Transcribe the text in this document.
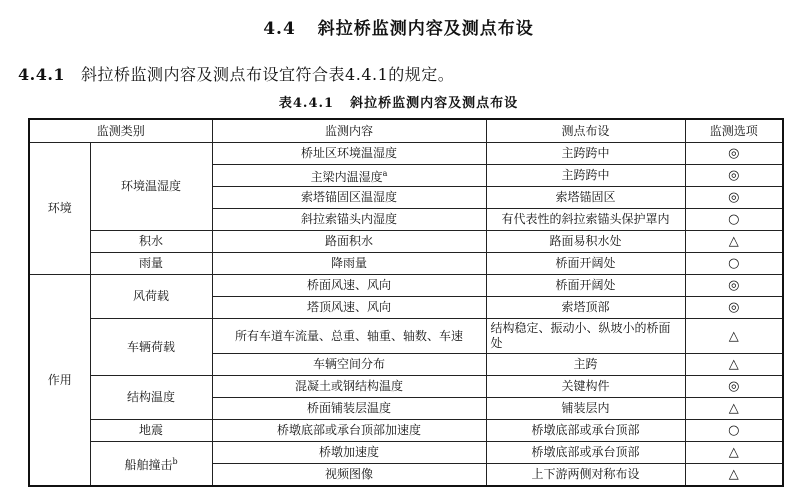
4.4 斜拉桥监测内容及测点布设
4.4.1 斜拉桥监测内容及测点布设宜符合表4.4.1的规定。
表4.4.1 斜拉桥监测内容及测点布设
监测类别		监测内容	测点布设	监测选项
环境	环境温湿度	桥址区环境温湿度	主跨跨中	◎
		主梁内温湿度$^a$	主跨跨中	◎
		索塔锚固区温湿度	索塔锚固区	◎
		斜拉索锚头内湿度	有代表性的斜拉索锚头保护罩内	○
	积水	路面积水	路面易积水处	△
	雨量	降雨量	桥面开阔处	○
作用	风荷载	桥面风速、风向	桥面开阔处	◎
		塔顶风速、风向	索塔顶部	◎
	车辆荷载	所有车道车流量、总重、轴重、轴数、车速	结构稳定、振动小、纵坡小的桥面处	△
		车辆空间分布	主跨	△
	结构温度	混凝土或钢结构温度	关键构件	◎
		桥面铺装层温度	铺装层内	△
	地震	桥墩底部或承台顶部加速度	桥墩底部或承台顶部	○
	船舶撞击$^b$	桥墩加速度	桥墩底部或承台顶部	△
		视频图像	上下游两侧对称布设	△
